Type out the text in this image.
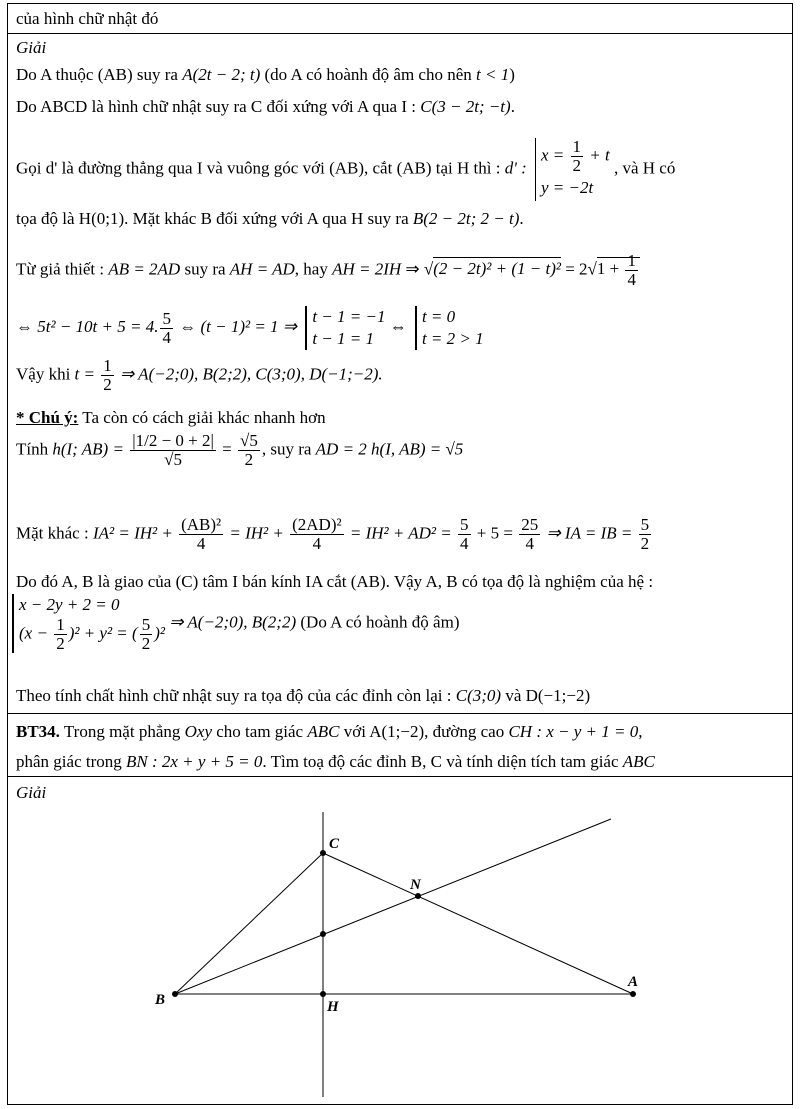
của hình chữ nhật đó
Giải
Do A thuộc (AB) suy ra A(2t − 2; t) (do A có hoành độ âm cho nên t < 1)
Do ABCD là hình chữ nhật suy ra C đối xứng với A qua I : C(3 − 2t; −t).
Gọi d' là đường thẳng qua I và vuông góc với (AB), cắt (AB) tại H thì : d' :
$x = \frac{1}{2} + t$
y = −2t
, và H có
tọa độ là H(0;1). Mặt khác B đối xứng với A qua H suy ra B(2 − 2t; 2 − t).
Từ giả thiết : AB = 2AD suy ra AH = AD, hay AH = 2IH ⇒ $√(2 - 2t)^2 + (1 - t)^2 = 2√1 + \frac{1}{4}$
⇔ 5t² − 10t + 5 = 4. $\frac{5}{4}$ ⇔ (t − 1)² = 1 ⇒
t − 1 = −1
t − 1 = 1
⇔
t = 0
t = 2 > 1
Vậy khi $t = \frac{1}{2}$ ⇒ A(−2;0), B(2;2), C(3;0), D(−1;−2).
* Chú ý: Ta còn có cách giải khác nhanh hơn
Tính h(I; $AB) = \frac{|1/2 - 0 + 2|}{√5} = \frac{√5}{2}$ , suy ra AD = 2 h(I, AB) = √5
Mặt khác : $IA^2 = IH^2 + \frac{\text{(AB)²}}{4} = IH^2 + \frac{\text{(2AD)²}}{4} = IH^2 + AD^2 = \frac{5}{4} + 5 = \frac{25}{4}$ ⇒ IA = IB = $\frac{5}{2}$
Do đó A, B là giao của (C) tâm I bán kính IA cắt (AB). Vậy A, B có tọa độ là nghiệm của hệ :
x − 2y + 2 = 0
$(x - \frac{1}{2} )^2 + y^2$ = ( $\frac{5}{2} )^2$
⇒ A(−2;0), B(2;2) (Do A có hoành độ âm)
Theo tính chất hình chữ nhật suy ra tọa độ của các đỉnh còn lại : C(3;0) và D(−1;−2)
BT34. Trong mặt phẳng Oxy cho tam giác ABC với A(1;−2), đường cao CH : x − y + 1 = 0,
phân giác trong BN : 2x + y + 5 = 0. Tìm toạ độ các đỉnh B, C và tính diện tích tam giác ABC
Giải
C
N
A
B	H
